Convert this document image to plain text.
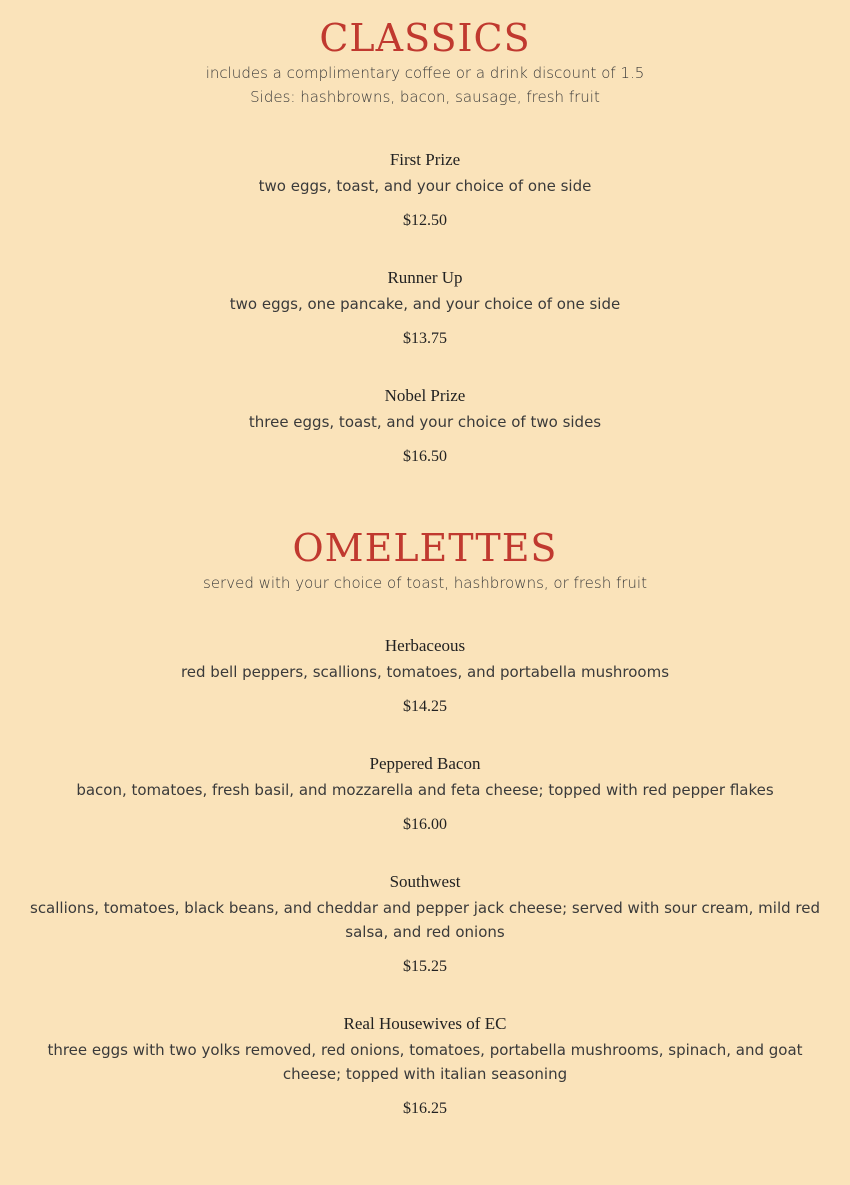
CLASSICS
includes a complimentary coffee or a drink discount of 1.5
Sides: hashbrowns, bacon, sausage, fresh fruit
First Prize
two eggs, toast, and your choice of one side
$12.50
Runner Up
two eggs, one pancake, and your choice of one side
$13.75
Nobel Prize
three eggs, toast, and your choice of two sides
$16.50
OMELETTES
served with your choice of toast, hashbrowns, or fresh fruit
Herbaceous
red bell peppers, scallions, tomatoes, and portabella mushrooms
$14.25
Peppered Bacon
bacon, tomatoes, fresh basil, and mozzarella and feta cheese; topped with red pepper flakes
$16.00
Southwest
scallions, tomatoes, black beans, and cheddar and pepper jack cheese; served with sour cream, mild red salsa, and red onions
$15.25
Real Housewives of EC
three eggs with two yolks removed, red onions, tomatoes, portabella mushrooms, spinach, and goat cheese; topped with italian seasoning
$16.25
